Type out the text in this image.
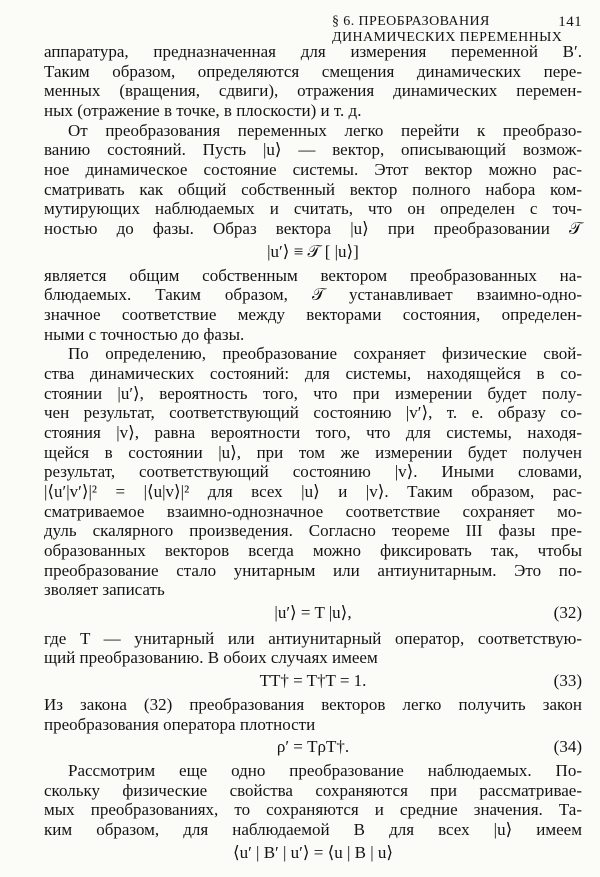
§ 6. ПРЕОБРАЗОВАНИЯ ДИНАМИЧЕСКИХ ПЕРЕМЕННЫХ
141
аппаратура, предназначенная для измерения переменной B′.
Таким образом, определяются смещения динамических пере-
менных (вращения, сдвиги), отражения динамических перемен-
ных (отражение в точке, в плоскости) и т. д.
От преобразования переменных легко перейти к преобразо-
ванию состояний. Пусть |u⟩ — вектор, описывающий возмож-
ное динамическое состояние системы. Этот вектор можно рас-
сматривать как общий собственный вектор полного набора ком-
мутирующих наблюдаемых и считать, что он определен с точ-
ностью до фазы. Образ вектора |u⟩ при преобразовании 𝒯
|u′⟩ ≡ 𝒯 [ |u⟩]
является общим собственным вектором преобразованных на-
блюдаемых. Таким образом, 𝒯 устанавливает взаимно-одно-
значное соответствие между векторами состояния, определен-
ными с точностью до фазы.
По определению, преобразование сохраняет физические свой-
ства динамических состояний: для системы, находящейся в со-
стоянии |u′⟩, вероятность того, что при измерении будет полу-
чен результат, соответствующий состоянию |v′⟩, т. е. образу со-
стояния |v⟩, равна вероятности того, что для системы, находя-
щейся в состоянии |u⟩, при том же измерении будет получен
результат, соответствующий состоянию |v⟩. Иными словами,
|⟨u′|v′⟩|² = |⟨u|v⟩|² для всех |u⟩ и |v⟩. Таким образом, рас-
сматриваемое взаимно-однозначное соответствие сохраняет мо-
дуль скалярного произведения. Согласно теореме III фазы пре-
образованных векторов всегда можно фиксировать так, чтобы
преобразование стало унитарным или антиунитарным. Это по-
зволяет записать
|u′⟩ = T |u⟩,	(32)
где T — унитарный или антиунитарный оператор, соответствую-
щий преобразованию. В обоих случаях имеем
TT† = T†T = 1.	(33)
Из закона (32) преобразования векторов легко получить закон
преобразования оператора плотности
ρ′ = TρT†.	(34)
Рассмотрим еще одно преобразование наблюдаемых. По-
скольку физические свойства сохраняются при рассматривае-
мых преобразованиях, то сохраняются и средние значения. Та-
ким образом, для наблюдаемой B для всех |u⟩ имеем
⟨u′ | B′ | u′⟩ = ⟨u | B | u⟩
